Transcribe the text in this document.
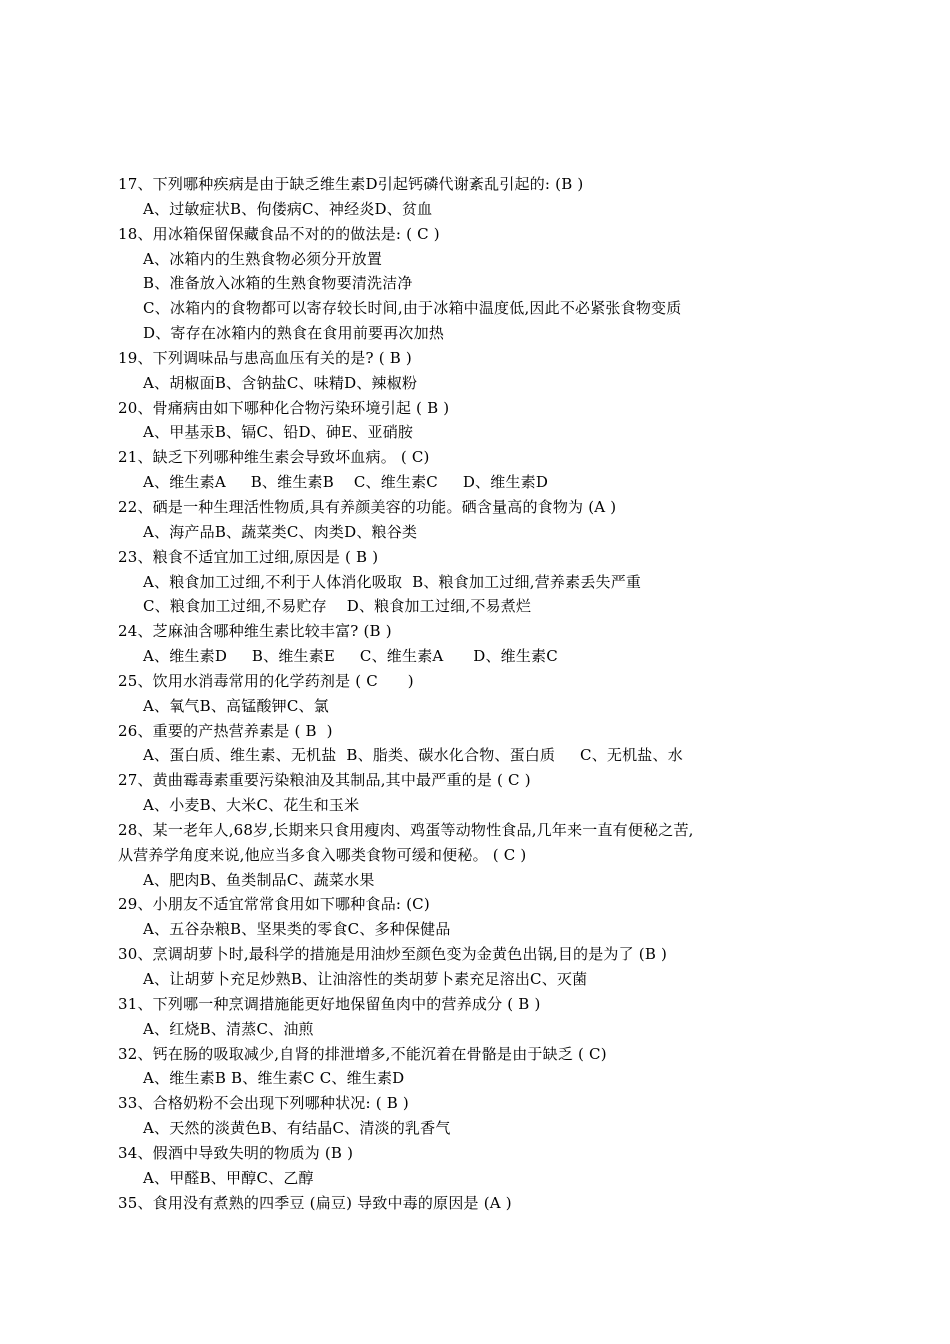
17、下列哪种疾病是由于缺乏维生素D引起钙磷代谢紊乱引起的: (B )
A、过敏症状B、佝偻病C、神经炎D、贫血
18、用冰箱保留保藏食品不对的的做法是: ( C )
A、冰箱内的生熟食物必须分开放置
B、准备放入冰箱的生熟食物要清洗洁净
C、冰箱内的食物都可以寄存较长时间,由于冰箱中温度低,因此不必紧张食物变质
D、寄存在冰箱内的熟食在食用前要再次加热
19、下列调味品与患高血压有关的是? ( B )
A、胡椒面B、含钠盐C、味精D、辣椒粉
20、骨痛病由如下哪种化合物污染环境引起 ( B )
A、甲基汞B、镉C、铅D、砷E、亚硝胺
21、缺乏下列哪种维生素会导致坏血病。 ( C)
A、维生素A     B、维生素B    C、维生素C     D、维生素D
22、硒是一种生理活性物质,具有养颜美容的功能。硒含量高的食物为 (A )
A、海产品B、蔬菜类C、肉类D、粮谷类
23、粮食不适宜加工过细,原因是 ( B )
A、粮食加工过细,不利于人体消化吸取  B、粮食加工过细,营养素丢失严重
C、粮食加工过细,不易贮存    D、粮食加工过细,不易煮烂
24、芝麻油含哪种维生素比较丰富? (B )
A、维生素D     B、维生素E     C、维生素A      D、维生素C
25、饮用水消毒常用的化学药剂是 ( C      )
A、氧气B、高锰酸钾C、氯
26、重要的产热营养素是 ( B  )
A、蛋白质、维生素、无机盐  B、脂类、碳水化合物、蛋白质     C、无机盐、水
27、黄曲霉毒素重要污染粮油及其制品,其中最严重的是 ( C )
A、小麦B、大米C、花生和玉米
28、某一老年人,68岁,长期来只食用瘦肉、鸡蛋等动物性食品,几年来一直有便秘之苦,
从营养学角度来说,他应当多食入哪类食物可缓和便秘。 ( C )
A、肥肉B、鱼类制品C、蔬菜水果
29、小朋友不适宜常常食用如下哪种食品: (C)
A、五谷杂粮B、坚果类的零食C、多种保健品
30、烹调胡萝卜时,最科学的措施是用油炒至颜色变为金黄色出锅,目的是为了 (B )
A、让胡萝卜充足炒熟B、让油溶性的类胡萝卜素充足溶出C、灭菌
31、下列哪一种烹调措施能更好地保留鱼肉中的营养成分 ( B )
A、红烧B、清蒸C、油煎
32、钙在肠的吸取减少,自肾的排泄增多,不能沉着在骨骼是由于缺乏 ( C)
A、维生素B B、维生素C C、维生素D
33、合格奶粉不会出现下列哪种状况: ( B )
A、天然的淡黄色B、有结晶C、清淡的乳香气
34、假酒中导致失明的物质为 (B )
A、甲醛B、甲醇C、乙醇
35、食用没有煮熟的四季豆 (扁豆) 导致中毒的原因是 (A )
